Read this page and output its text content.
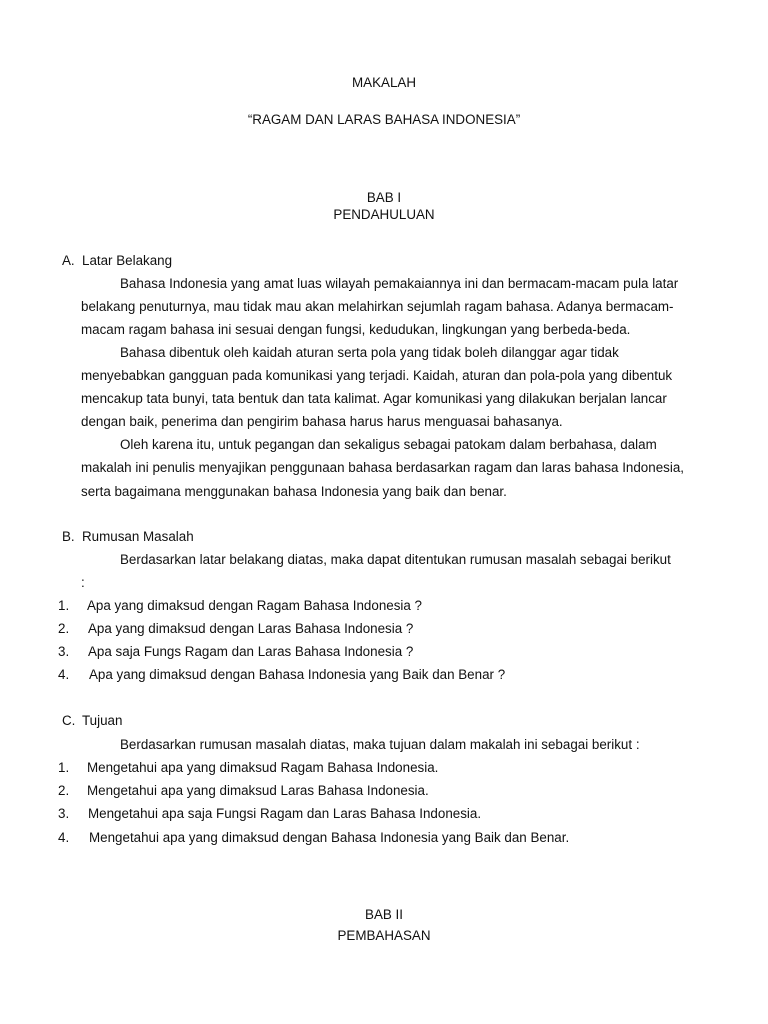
MAKALAH
“RAGAM DAN LARAS BAHASA INDONESIA”
BAB I
PENDAHULUAN
A. Latar Belakang
Bahasa Indonesia yang amat luas wilayah pemakaiannya ini dan bermacam-macam pula latar
belakang penuturnya, mau tidak mau akan melahirkan sejumlah ragam bahasa. Adanya bermacam-
macam ragam bahasa ini sesuai dengan fungsi, kedudukan, lingkungan yang berbeda-beda.
Bahasa dibentuk oleh kaidah aturan serta pola yang tidak boleh dilanggar agar tidak
menyebabkan gangguan pada komunikasi yang terjadi. Kaidah, aturan dan pola-pola yang dibentuk
mencakup tata bunyi, tata bentuk dan tata kalimat. Agar komunikasi yang dilakukan berjalan lancar
dengan baik, penerima dan pengirim bahasa harus harus menguasai bahasanya.
Oleh karena itu, untuk pegangan dan sekaligus sebagai patokam dalam berbahasa, dalam
makalah ini penulis menyajikan penggunaan bahasa berdasarkan ragam dan laras bahasa Indonesia,
serta bagaimana menggunakan bahasa Indonesia yang baik dan benar.
B. Rumusan Masalah
Berdasarkan latar belakang diatas, maka dapat ditentukan rumusan masalah sebagai berikut
:
1. Apa yang dimaksud dengan Ragam Bahasa Indonesia ?
2. Apa yang dimaksud dengan Laras Bahasa Indonesia ?
3. Apa saja Fungs Ragam dan Laras Bahasa Indonesia ?
4. Apa yang dimaksud dengan Bahasa Indonesia yang Baik dan Benar ?
C. Tujuan
Berdasarkan rumusan masalah diatas, maka tujuan dalam makalah ini sebagai berikut :
1. Mengetahui apa yang dimaksud Ragam Bahasa Indonesia.
2. Mengetahui apa yang dimaksud Laras Bahasa Indonesia.
3. Mengetahui apa saja Fungsi Ragam dan Laras Bahasa Indonesia.
4. Mengetahui apa yang dimaksud dengan Bahasa Indonesia yang Baik dan Benar.
BAB II
PEMBAHASAN
